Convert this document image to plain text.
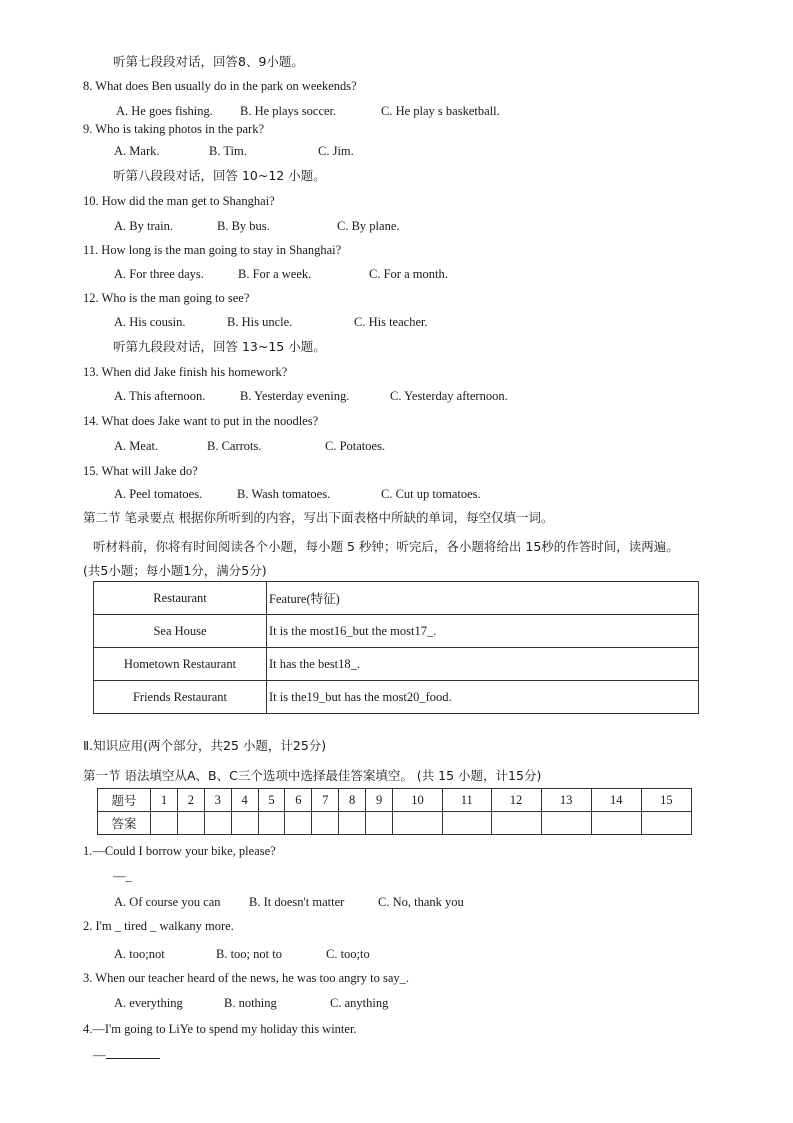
听第七段段对话，回答8、9小题。
8. What does Ben usually do in the park on weekends?
A. He goes fishing. B. He plays soccer.	C. He play s basketball.
9. Who is taking photos in the park?
A. Mark.	B. Tim.	C. Jim.
听第八段段对话，回答 10~12 小题。
10. How did the man get to Shanghai?
A. By train.	B. By bus.	C. By plane.
11. How long is the man going to stay in Shanghai?
A. For three days.	B. For a week.	C. For a month.
12. Who is the man going to see?
A. His cousin.	B. His uncle.	C. His teacher.
听第九段段对话，回答 13~15 小题。
13. When did Jake finish his homework?
A. This afternoon.	B. Yesterday evening.	C. Yesterday afternoon.
14. What does Jake want to put in the noodles?
A. Meat.	B. Carrots.	C. Potatoes.
15. What will Jake do?
A. Peel tomatoes.	B. Wash tomatoes.	C. Cut up tomatoes.
第二节 笔录要点 根据你所听到的内容，写出下面表格中所缺的单词，每空仅填一词。
听材料前，你将有时间阅读各个小题，每小题 5 秒钟；听完后，各小题将给出 15秒的作答时间，读两遍。
(共5小题；每小题1分，满分5分)
Restaurant	Feature(特征)
Sea House	It is the most16_but the most17_.
Hometown Restaurant	It has the best18_.
Friends Restaurant	It is the19_but has the most20_food.
Ⅱ.知识应用(两个部分，共25 小题，计25分)
第一节 语法填空从A、B、C三个选项中选择最佳答案填空。 (共 15 小题，计15分)
题号	1	2	3	4	5	6	7	8	9	10	11	12	13	14	15
答案															
1.—Could I borrow your bike, please?
—_
A. Of course you can B. It doesn't matter	C. No, thank you
2. I'm _ tired _ walkany more.
A. too;not	B. too; not to	C. too;to
3. When our teacher heard of the news, he was too angry to say_.
A. everything	B. nothing	C. anything
4.—I'm going to LiYe to spend my holiday this winter.
—
